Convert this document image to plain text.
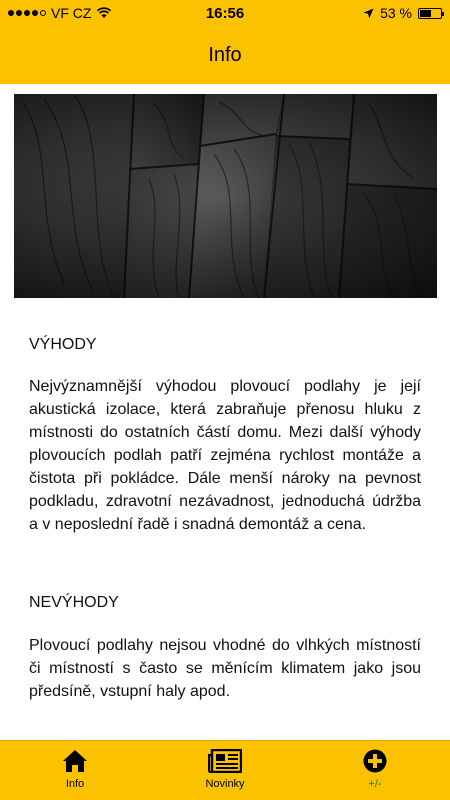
VF CZ	16:56	53 %
Info
VÝHODY
Nejvýznamnější výhodou plovoucí podlahy je její akustická izolace, která zabraňuje přenosu hluku z místnosti do ostatních částí domu. Mezi další výhody plovoucích podlah patří zejména rychlost montáže a čistota při pokládce. Dále menší nároky na pevnost podkladu, zdravotní nezávadnost, jednoduchá údržba a v neposlední řadě i snadná demontáž a cena.
NEVÝHODY
Plovoucí podlahy nejsou vhodné do vlhkých místností či místností s často se měnícím klimatem jako jsou předsíně, vstupní haly apod.
Info	Novinky	+/-
